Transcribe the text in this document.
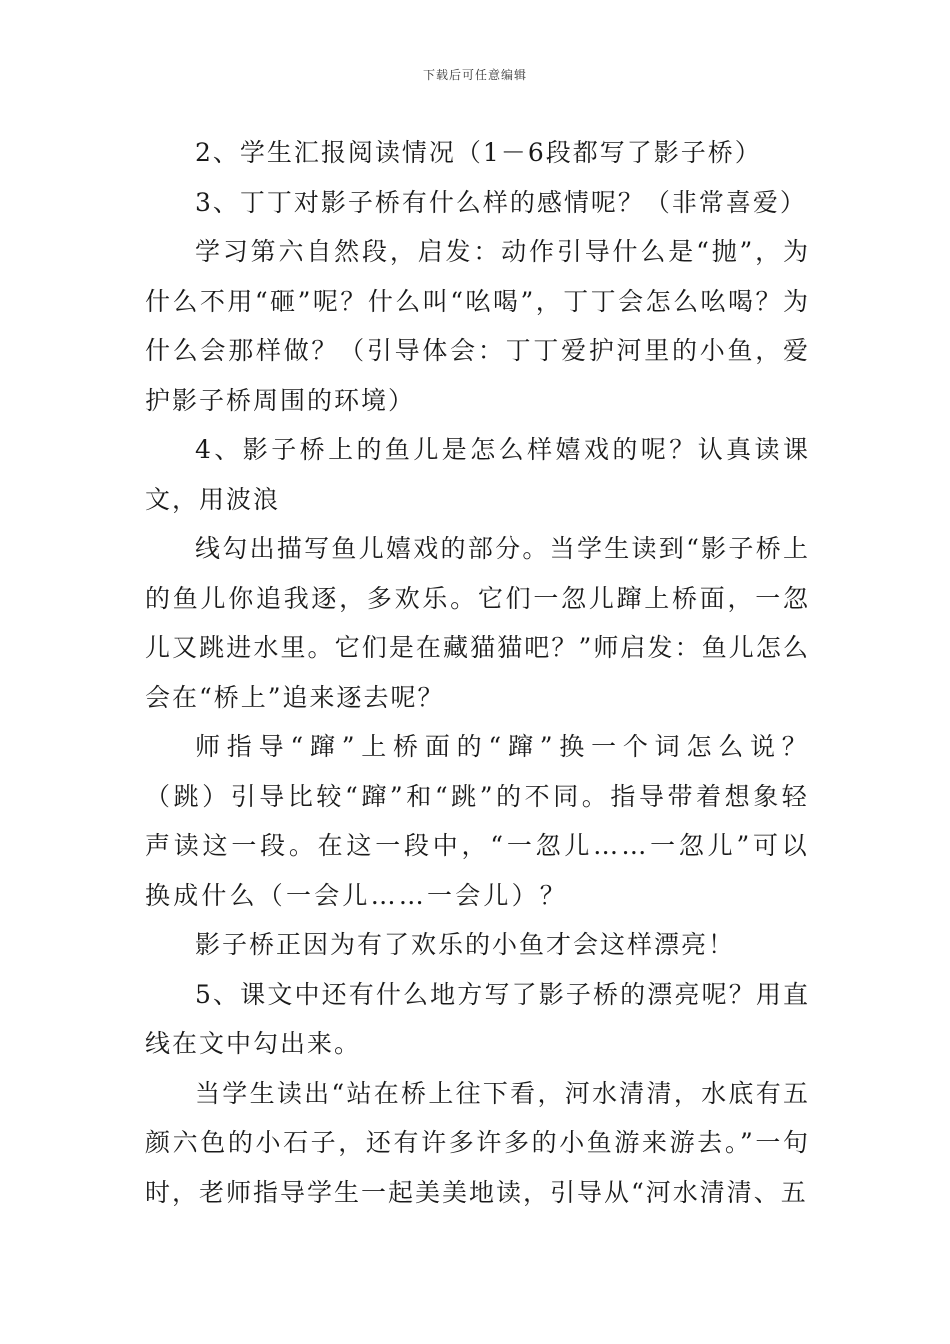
下载后可任意编辑

2、学生汇报阅读情况（1－6段都写了影子桥）

3、丁丁对影子桥有什么样的感情呢？（非常喜爱）

学习第六自然段，启发：动作引导什么是“抛”，为什么不用“砸”呢？什么叫“吆喝”，丁丁会怎么吆喝？为什么会那样做？（引导体会：丁丁爱护河里的小鱼，爱护影子桥周围的环境）

4、影子桥上的鱼儿是怎么样嬉戏的呢？认真读课文，用波浪

线勾出描写鱼儿嬉戏的部分。当学生读到“影子桥上的鱼儿你追我逐，多欢乐。它们一忽儿蹿上桥面，一忽儿又跳进水里。它们是在藏猫猫吧？”师启发：鱼儿怎么会在“桥上”追来逐去呢？

师指导“蹿”上桥面的“蹿”换一个词怎么说？（跳）引导比较“蹿”和“跳”的不同。指导带着想象轻声读这一段。在这一段中，“一忽儿……一忽儿”可以换成什么（一会儿……一会儿）？

影子桥正因为有了欢乐的小鱼才会这样漂亮！

5、课文中还有什么地方写了影子桥的漂亮呢？用直线在文中勾出来。

当学生读出“站在桥上往下看，河水清清，水底有五颜六色的小石子，还有许多许多的小鱼游来游去。”一句时，老师指导学生一起美美地读，引导从“河水清清、五
